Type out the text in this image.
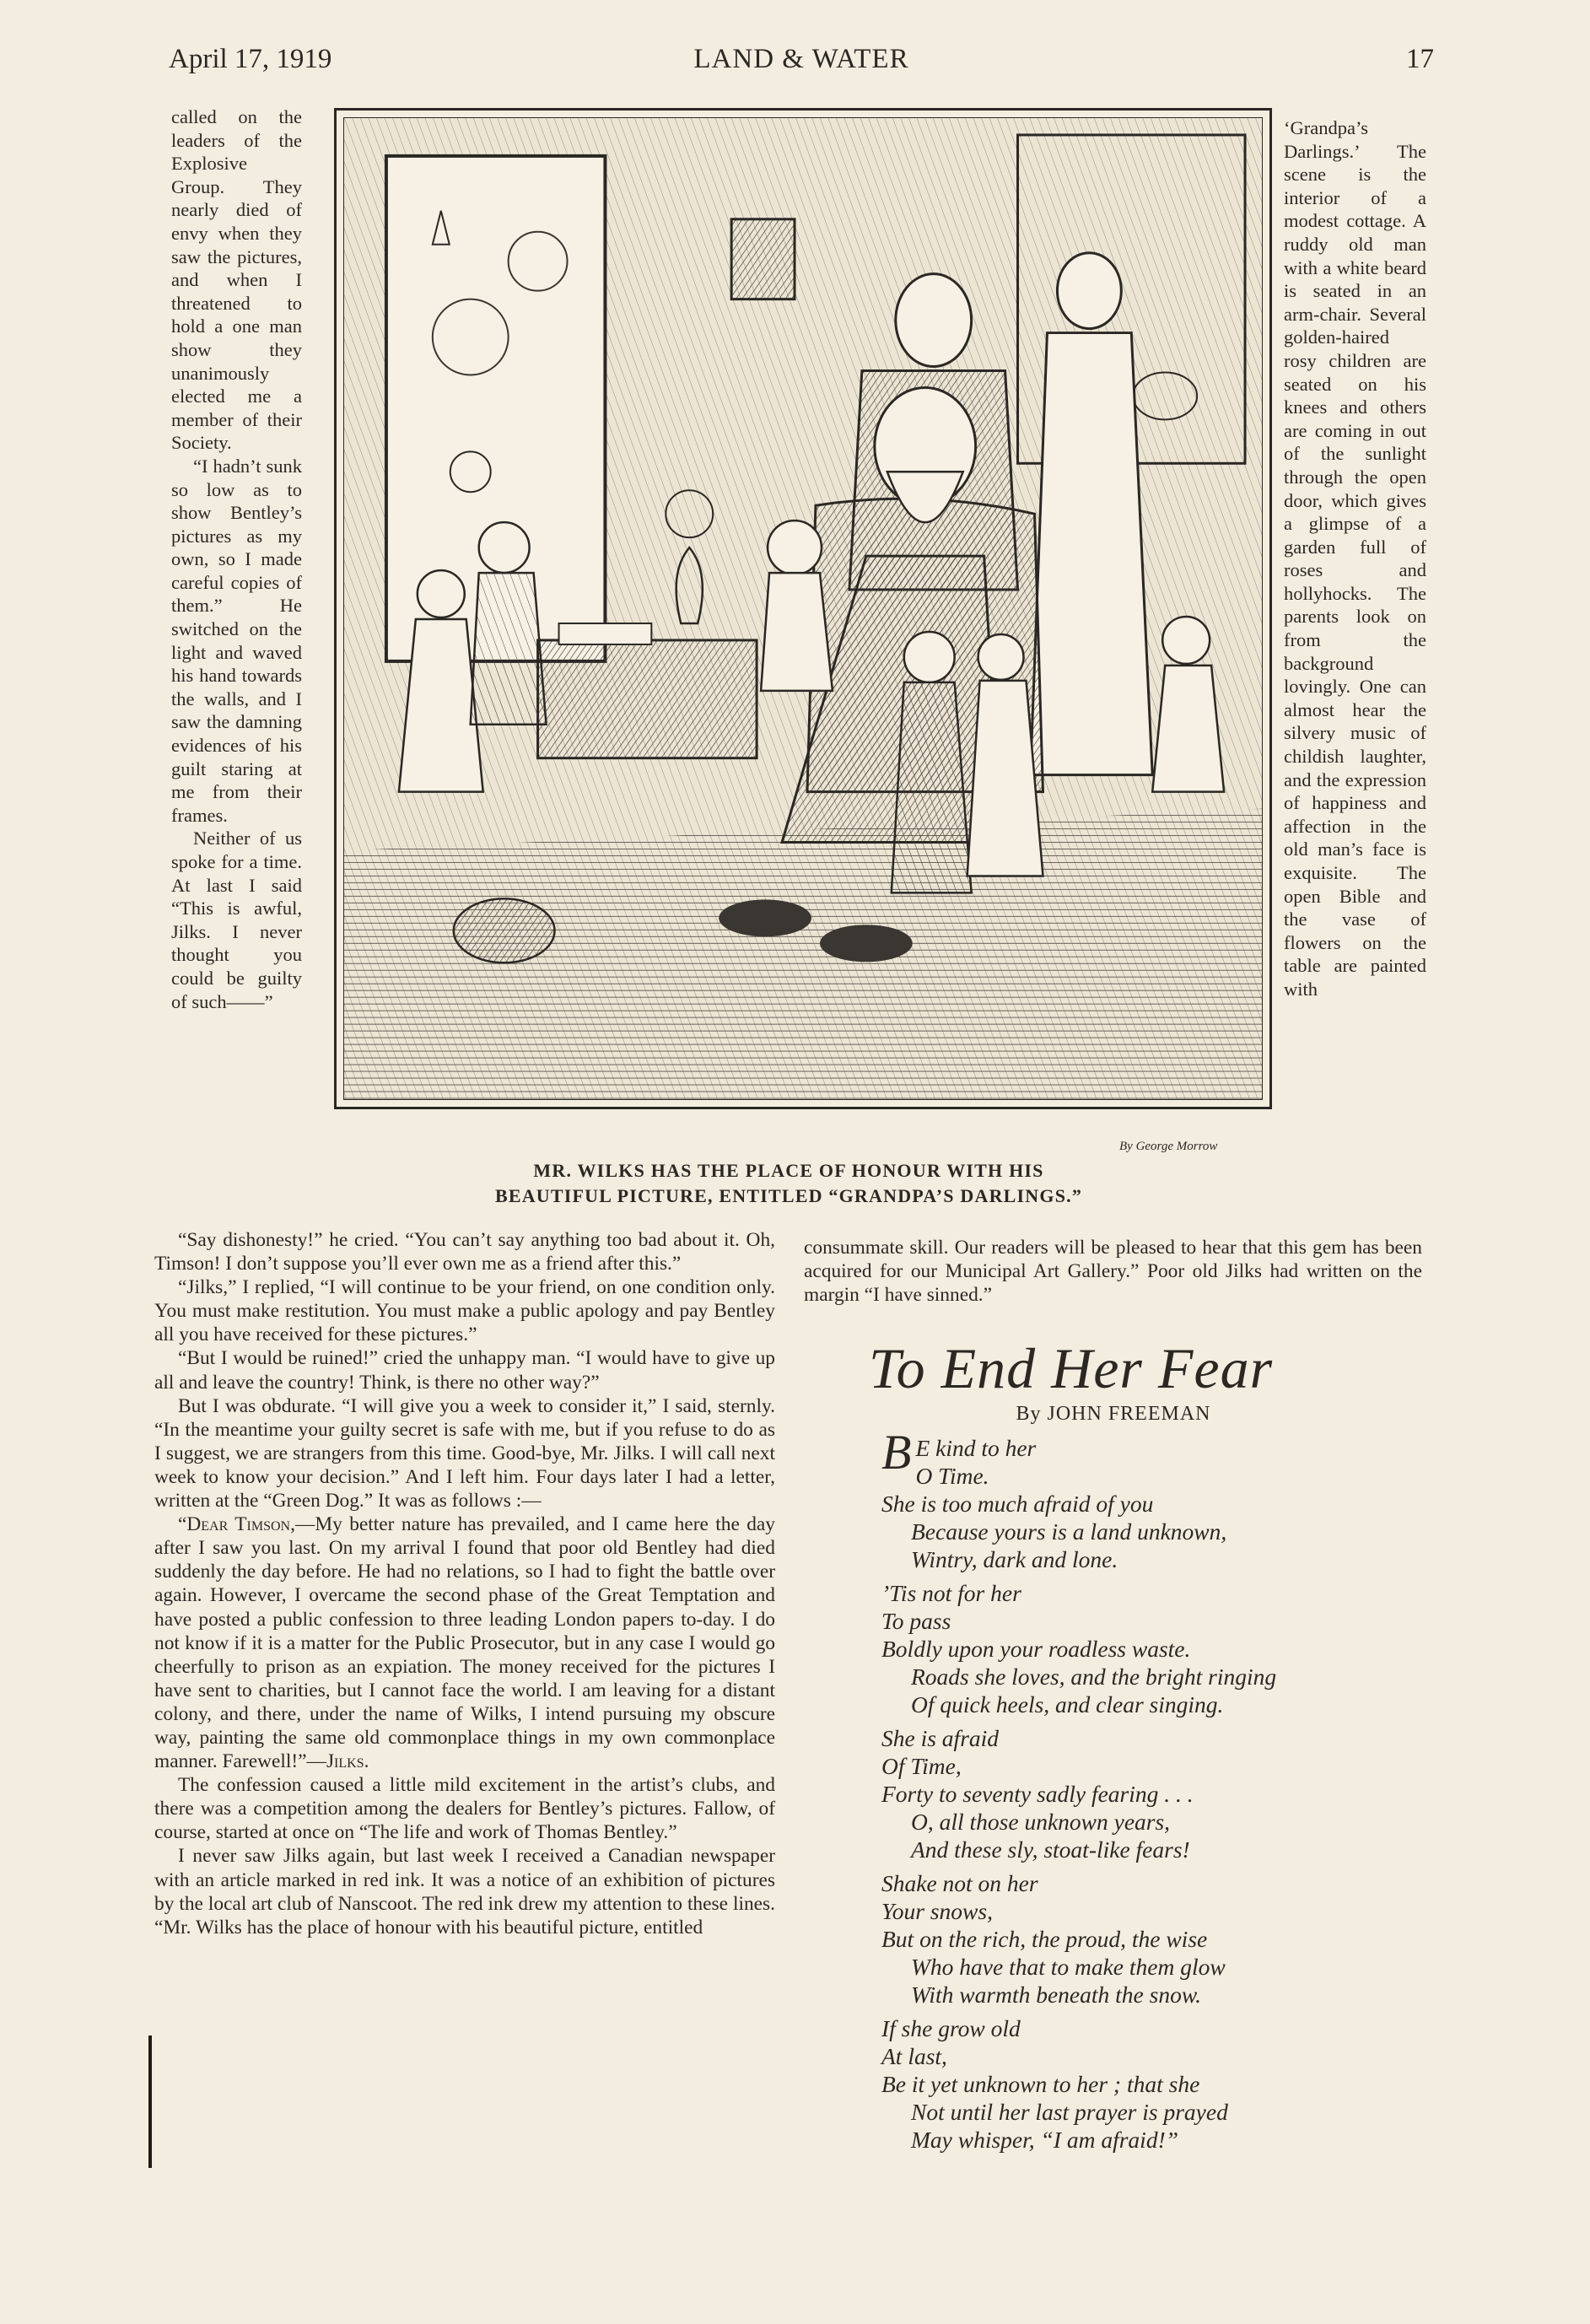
April 17, 1919	LAND & WATER	17

called on the leaders of the Explosive Group. They nearly died of envy when they saw the pictures, and when I threatened to hold a one man show they unanimously elected me a member of their Society.

“I hadn’t sunk so low as to show Bentley’s pictures as my own, so I made careful copies of them.” He switched on the light and waved his hand towards the walls, and I saw the damning evidences of his guilt staring at me from their frames.

Neither of us spoke for a time. At last I said “This is awful, Jilks. I never thought you could be guilty of such——”

By George Morrow
MR. WILKS HAS THE PLACE OF HONOUR WITH HIS
BEAUTIFUL PICTURE, ENTITLED “GRANDPA’S DARLINGS.”

‘Grandpa’s Darlings.’ The scene is the interior of a modest cottage. A ruddy old man with a white beard is seated in an arm-chair. Several golden-haired rosy children are seated on his knees and others are coming in out of the sunlight through the open door, which gives a glimpse of a garden full of roses and hollyhocks. The parents look on from the background lovingly. One can almost hear the silvery music of childish laughter, and the expression of happiness and affection in the old man’s face is exquisite. The open Bible and the vase of flowers on the table are painted with

“Say dishonesty!” he cried. “You can’t say anything too bad about it. Oh, Timson! I don’t suppose you’ll ever own me as a friend after this.”

“Jilks,” I replied, “I will continue to be your friend, on one condition only. You must make restitution. You must make a public apology and pay Bentley all you have received for these pictures.”

“But I would be ruined!” cried the unhappy man. “I would have to give up all and leave the country! Think, is there no other way?”

But I was obdurate. “I will give you a week to consider it,” I said, sternly. “In the meantime your guilty secret is safe with me, but if you refuse to do as I suggest, we are strangers from this time. Good-bye, Mr. Jilks. I will call next week to know your decision.” And I left him. Four days later I had a letter, written at the “Green Dog.” It was as follows :—

“Dear Timson,—My better nature has prevailed, and I came here the day after I saw you last. On my arrival I found that poor old Bentley had died suddenly the day before. He had no relations, so I had to fight the battle over again. However, I overcame the second phase of the Great Temptation and have posted a public confession to three leading London papers to-day. I do not know if it is a matter for the Public Prosecutor, but in any case I would go cheerfully to prison as an expiation. The money received for the pictures I have sent to charities, but I cannot face the world. I am leaving for a distant colony, and there, under the name of Wilks, I intend pursuing my obscure way, painting the same old commonplace things in my own commonplace manner. Farewell!”—Jilks.

The confession caused a little mild excitement in the artist’s clubs, and there was a competition among the dealers for Bentley’s pictures. Fallow, of course, started at once on “The life and work of Thomas Bentley.”

I never saw Jilks again, but last week I received a Canadian newspaper with an article marked in red ink. It was a notice of an exhibition of pictures by the local art club of Nanscoot. The red ink drew my attention to these lines. “Mr. Wilks has the place of honour with his beautiful picture, entitled

consummate skill. Our readers will be pleased to hear that this gem has been acquired for our Municipal Art Gallery.” Poor old Jilks had written on the margin “I have sinned.”

To End Her Fear
By JOHN FREEMAN
B E kind to her
O Time.
She is too much afraid of you
Because yours is a land unknown,
Wintry, dark and lone.
’Tis not for her
To pass
Boldly upon your roadless waste.
Roads she loves, and the bright ringing
Of quick heels, and clear singing.
She is afraid
Of Time,
Forty to seventy sadly fearing . . .
O, all those unknown years,
And these sly, stoat-like fears!
Shake not on her
Your snows,
But on the rich, the proud, the wise
Who have that to make them glow
With warmth beneath the snow.
If she grow old
At last,
Be it yet unknown to her ; that she
Not until her last prayer is prayed
May whisper, “I am afraid!”
